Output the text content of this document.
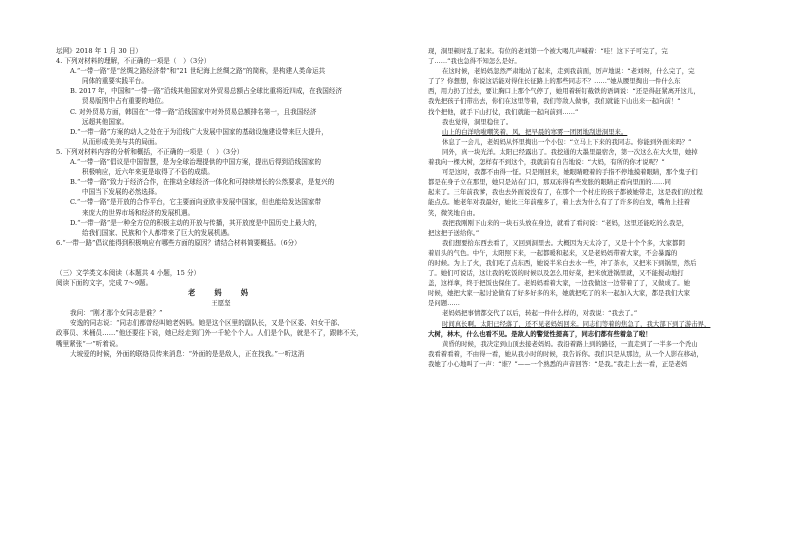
坛网》2018 年 1 月 30 日）
4. 下列对材料的理解，不正确的一项是（　）（3分）
A.“一带一路”是“丝绸之路经济带”和“21 世纪海上丝绸之路”的简称，是构建人类命运共
同体的重要实践平台。
B. 2017 年，中国和“一带一路”沿线其他国家对外贸易总额占全球比重将近四成，在我国经济
贸易版图中占有重要的地位。
C. 对外贸易方面，韩国在“一带一路”沿线国家中对外贸易总额排名第一，且我国经济
远超其他国家。
D.“一带一路”方案的动人之处在于为沿线广大发展中国家的基础设施建设带来巨大提升，
从而形成美美与共的局面。
5. 下列对材料内容的分析和概括，不正确的一项是（　）（3分）
A.“一带一路”倡议是中国智慧，是为全球治理提供的中国方案，提出后得到沿线国家的
积极响应，近六年来更是取得了不俗的成绩。
B.“一带一路”致力于经济合作，在推动全球经济一体化和可持续增长的公然要求，是复兴的
中国当下发展的必然选择。
C.“一带一路”是开放的合作平台，它主要面向亚欧非发展中国家，但也能给发达国家带
来庞大的世界市场和经济的发展机遇。
D.“一带一路”是一种全方位的积极主动的开放与传播，其开放度是中国历史上最大的，
给我们国家、民族和个人都带来了巨大的发展机遇。
6.“一带一路”倡议能得到积极响应有哪些方面的原因？请结合材料简要概括。（6分）
（三）文学类文本阅读（本题共 4 小题，15 分）
阅读下面的文字，完成 7～9题。
老　妈　妈
王愿坚
我问：“刚才那个女同志是谁？”
安逸的同志说：“同志们都曾经叫她老妈妈。她是这个区里的副队长，又是个区委、妇女干部、
政事员、米桶员……”他还要往下说，她已经走到门外一千轮个个人。人们是个队，就是不了，跟韩不关，
嘴里紧张“一”听着说。
大坡爱的时候，外面的联络员传来消息：“外面的是是敌人，正在找我。”一听这消
现，洞里顿时乱了起来。有位的老刘第一个被大喝几声喊着：“哇！这下子可完了，完
了……”我也急得不知怎么是好。
在这时候，老妈妈忽然严肃地站了起来，走到我前面，厉声地说：“老刘呀，什么完了，完
了了？你想想，你说这话能对得住长征路上的那些同志不？……”她从腰里掏出一件什么东
西，用力扔了过去，要让胸口上那个气停了，她用着斩钉截铁的语调说：“还是得赶紧离开这儿，
我先把孩子们带出去，你们在这里等着，我们等敌人做事，我们就能下山出来一起向前！”
找个把他，就手下山打仗，我们就能一起向前到……”
我也觉得，洞里稳住了。
山上的白洋啥啦嘲笑着，风，把早晨的寒雾一团团地刮进洞里来。
休息了一会儿，老妈妈从怀里掏出一个小包：“立马上下来的我同志。你能到外面来吗？”
同外，真一块光洋。太阳已经露出了。我挖通的大墨里最宿舍，第一次这么在大火里，她掉
着我向一棵大树，怎样有不到这个，我就前有自告地说：“大妈，有所的你才说呢？”
可是这时，我都不由得一怔。只是刚回来，她眼睛瞪着的手指不停地摸着眼睛，那个鬼子们
都是在身子立在那里，她只是站在门口，那双冻得有些发胀的眼睛正看向里面的……同
起来了。三年前我爹，我也去外面说没有了，在那个一个村庄的孩子都被她带走，这是我们的过程
能点点。她老年对我最好，她比三年前瘦多了，着上去为什么有了了许多的白发，嘴角上挂着
笑，微笑地自由。
我把我刚刚下山来的一块石头放在身边，就看了看问说：“老妈，这里还能吃的么我是，
把这把子送给你。”
我们想要拾东西去看了，又回到洞里去。大概因为天太冷了，又是十个个多，大家都阴
着眉头的气色。中午，太阳照下来，一起都暖和起来，又是老妈妈带着大家，不会暴露的
的时候。为上了火，我们吃了点东西，她说半米白去水一些，冲了茶水，又把米下到锅里，然后
了。她们可说话，这让我的吃饭的时候以及怎么用好菜，把米放进锅里就，又不能搅动地打
盖，这样拿，终于把饭也保住了。老妈妈看着大家，一边我做这一边带着了了，又做成了。她
时候，她把大家一起讨论做有了好多好多的米，她就把吃了的米一起加入大家，都是我们大家
是问题……
老妈妈把事情都交代了以后，转起一件什么样的，对我说：“我去了。”
时间真长啊。太阳已经落了，还不见老妈妈回来。同志们等着的焦急了，我大部下到了游击界，
大树，林木，什么也看不见。是敌人的警觉性提高了，同志们都有些着急了啦！
黄昏的时候，我决定到山顶去接老妈妈。我沿着路上到的路径，一直走到了一半多一个秃山
我看着看着，不由得一看，她从我小时的时候，我告诉你。我们只是从那边，从一个人影在移动，
我她了小心地叫了一声：“谁？”——一个熟悉的声音回答：“是我。”我走上去一看，正是老妈
